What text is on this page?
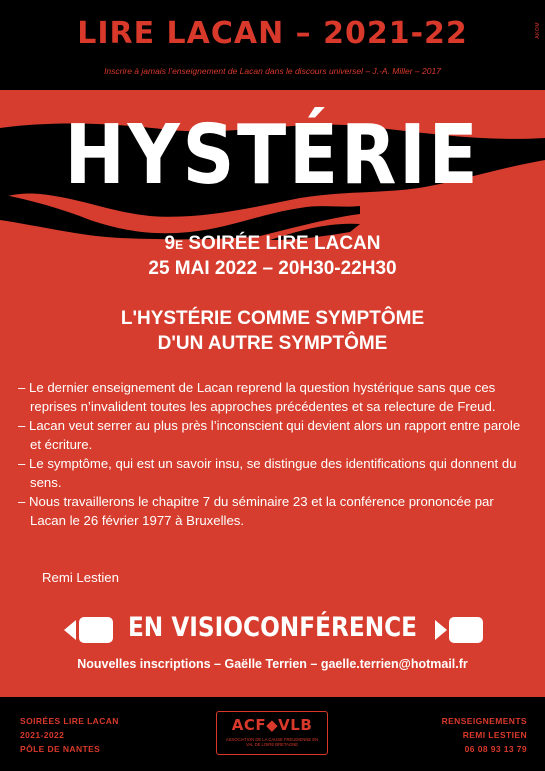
LIRE LACAN – 2021-22
Inscrire à jamais l’enseignement de Lacan dans le discours universel – J.-A. Miller – 2017
AKOM
HYSTÉRIE
9E SOIRÉE LIRE LACAN
25 MAI 2022 – 20H30-22H30
L'HYSTÉRIE COMME SYMPTÔME
D'UN AUTRE SYMPTÔME
– Le dernier enseignement de Lacan reprend la question hystérique sans que ces reprises n’invalident toutes les approches précédentes et sa relecture de Freud.
– Lacan veut serrer au plus près l’inconscient qui devient alors un rapport entre parole et écriture.
– Le symptôme, qui est un savoir insu, se distingue des identifications qui donnent du sens.
– Nous travaillerons le chapitre 7 du séminaire 23 et la conférence prononcée par Lacan le 26 février 1977 à Bruxelles.
Remi Lestien
EN VISIOCONFÉRENCE
Nouvelles inscriptions – Gaëlle Terrien – gaelle.terrien@hotmail.fr
SOIRÉES LIRE LACAN
2021-2022
PÔLE DE NANTES
ACF◆VLB
ASSOCIATION DE LA CAUSE FREUDIENNE EN VAL DE LOIRE BRETAGNE
RENSEIGNEMENTS
REMI LESTIEN
06 08 93 13 79
